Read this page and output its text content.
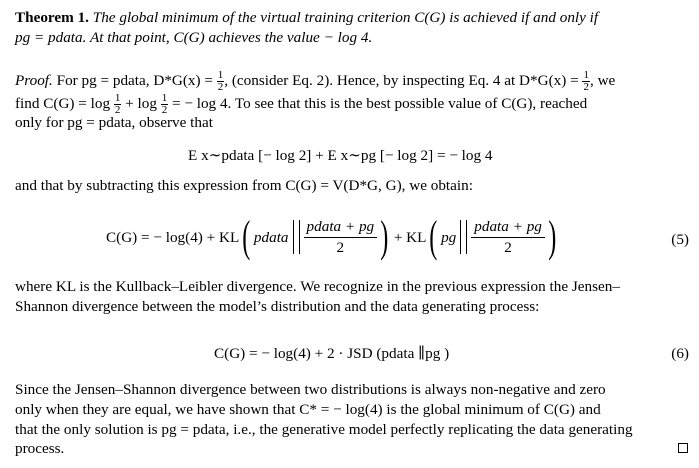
Theorem 1. The global minimum of the virtual training criterion C(G) is achieved if and only if
pg = pdata. At that point, C(G) achieves the value − log 4.
Proof. For pg = pdata, $D*G(x) = \frac{1}{2}$ , (consider Eq. 2). Hence, by inspecting Eq. 4 at $D*G(x) = \frac{1}{2}$ , we
find $C(G) = \log \frac{1}{2} + \log \frac{1}{2}$ = − log 4. To see that this is the best possible value of C(G), reached
only for pg = pdata, observe that
E x∼pdata [− log 2] + E x∼pg [− log 2] = − log 4
and that by subtracting this expression from C(G) = V(D*G, G), we obtain:
C(G) = − log(4) + KL ( pdata
pdata + pg
2 ) + KL ( pg
pdata + pg
2 )	(5)
where KL is the Kullback–Leibler divergence. We recognize in the previous expression the Jensen–
Shannon divergence between the model’s distribution and the data generating process:
C(G) = − log(4) + 2 · JSD (pdata ∥pg )	(6)
Since the Jensen–Shannon divergence between two distributions is always non-negative and zero
only when they are equal, we have shown that C* = − log(4) is the global minimum of C(G) and
that the only solution is pg = pdata, i.e., the generative model perfectly replicating the data generating
process.
